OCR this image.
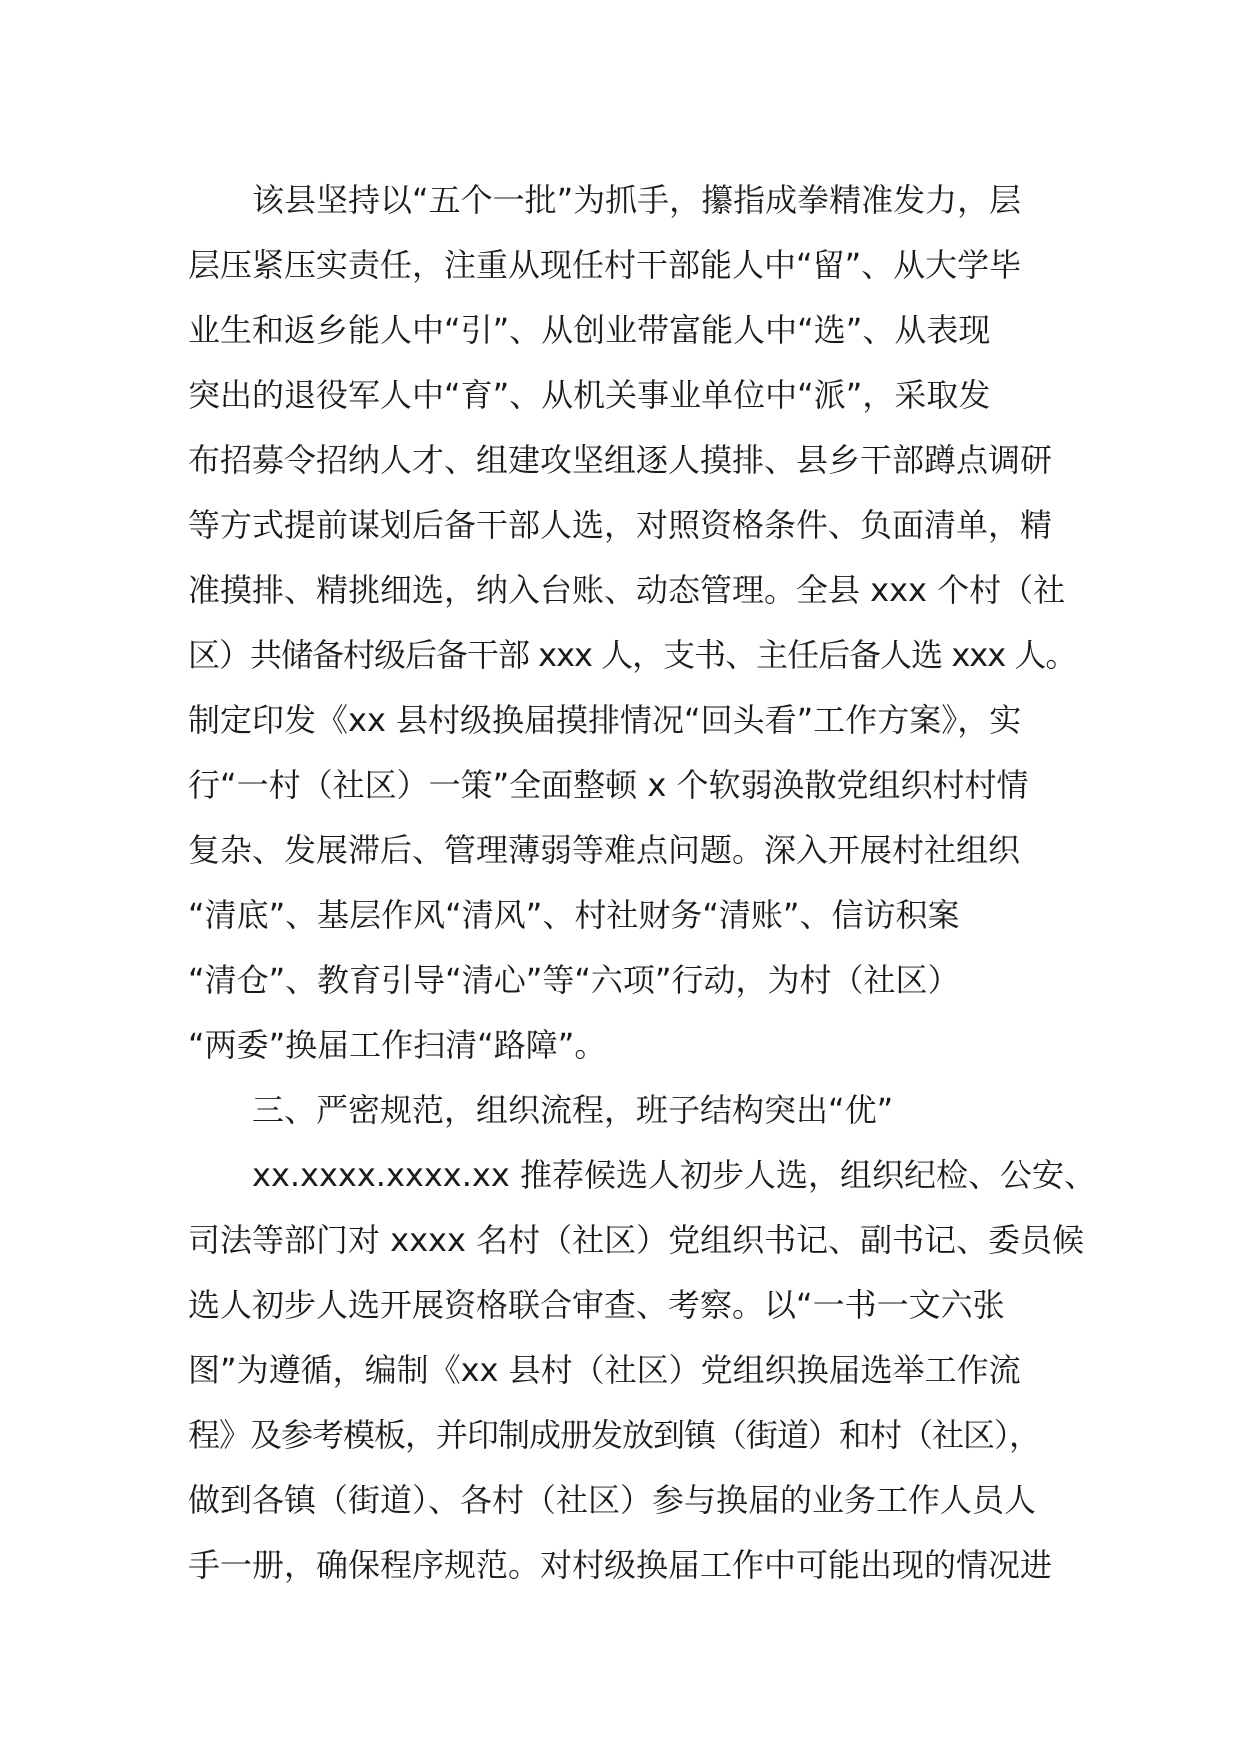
该县坚持以“五个一批”为抓手，攥指成拳精准发力，层
层压紧压实责任，注重从现任村干部能人中“留”、从大学毕
业生和返乡能人中“引”、从创业带富能人中“选”、从表现
突出的退役军人中“育”、从机关事业单位中“派”，采取发
布招募令招纳人才、组建攻坚组逐人摸排、县乡干部蹲点调研
等方式提前谋划后备干部人选，对照资格条件、负面清单，精
准摸排、精挑细选，纳入台账、动态管理。全县 xxx 个村（社
区）共储备村级后备干部 xxx 人，支书、主任后备人选 xxx 人。
制定印发《xx 县村级换届摸排情况“回头看”工作方案》，实
行“一村（社区）一策”全面整顿 x 个软弱涣散党组织村村情
复杂、发展滞后、管理薄弱等难点问题。深入开展村社组织
“清底”、基层作风“清风”、村社财务“清账”、信访积案
“清仓”、教育引导“清心”等“六项”行动，为村（社区）
“两委”换届工作扫清“路障”。
三、严密规范，组织流程，班子结构突出“优”
xx.xxxx.xxxx.xx 推荐候选人初步人选，组织纪检、公安、
司法等部门对 xxxx 名村（社区）党组织书记、副书记、委员候
选人初步人选开展资格联合审查、考察。以“一书一文六张
图”为遵循，编制《xx 县村（社区）党组织换届选举工作流
程》及参考模板，并印制成册发放到镇（街道）和村（社区），
做到各镇（街道）、各村（社区）参与换届的业务工作人员人
手一册，确保程序规范。对村级换届工作中可能出现的情况进
